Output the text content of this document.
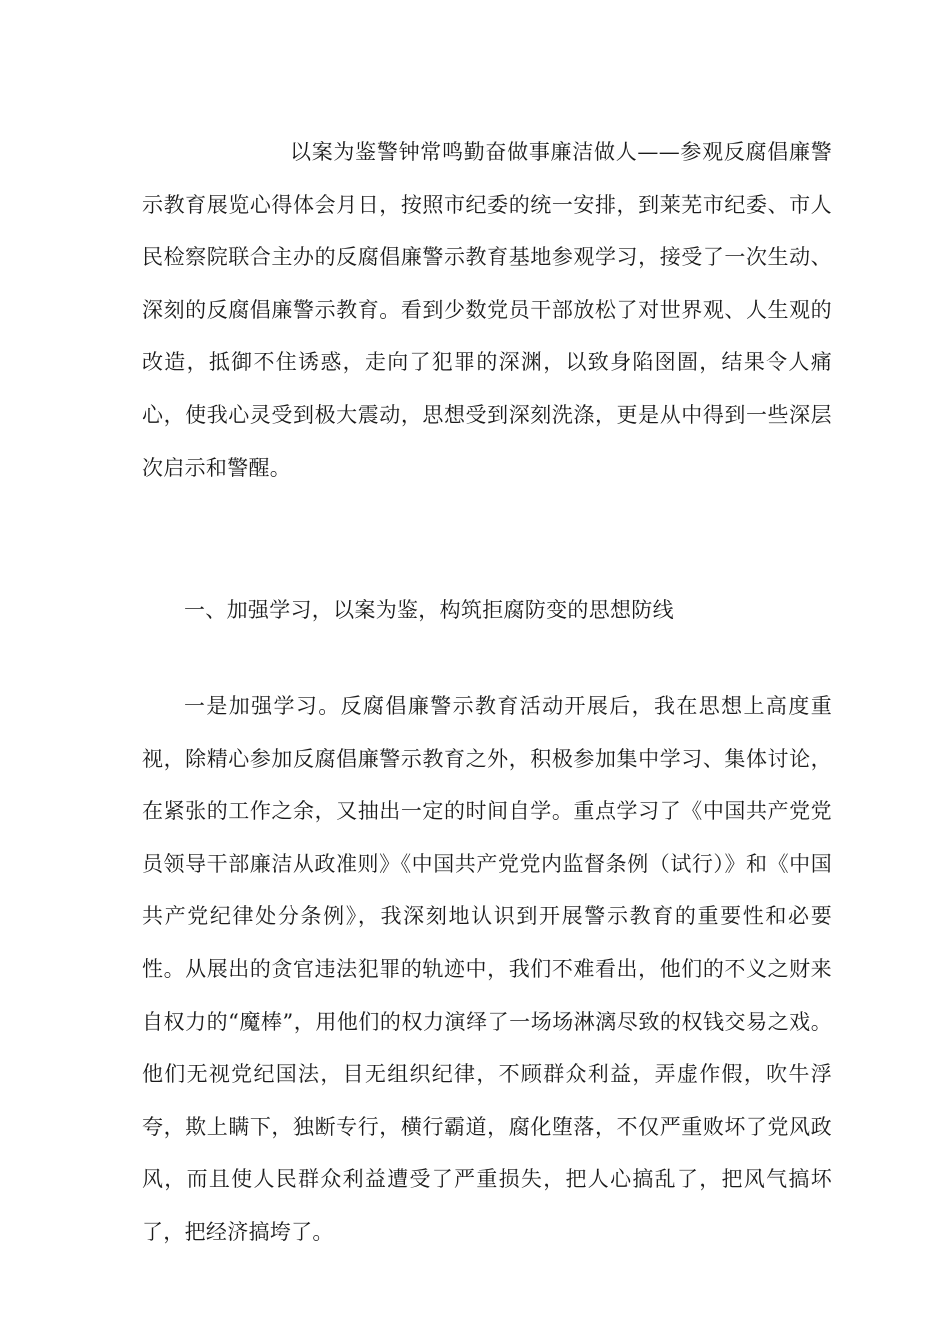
以案为鉴警钟常鸣勤奋做事廉洁做人——参观反腐倡廉警示教育展览心得体会月日，按照市纪委的统一安排，到莱芜市纪委、市人民检察院联合主办的反腐倡廉警示教育基地参观学习，接受了一次生动、深刻的反腐倡廉警示教育。看到少数党员干部放松了对世界观、人生观的改造，抵御不住诱惑，走向了犯罪的深渊，以致身陷囹圄，结果令人痛心，使我心灵受到极大震动，思想受到深刻洗涤，更是从中得到一些深层次启示和警醒。

一、加强学习，以案为鉴，构筑拒腐防变的思想防线

一是加强学习。反腐倡廉警示教育活动开展后，我在思想上高度重视，除精心参加反腐倡廉警示教育之外，积极参加集中学习、集体讨论，在紧张的工作之余，又抽出一定的时间自学。重点学习了《中国共产党党员领导干部廉洁从政准则》《中国共产党党内监督条例（试行）》和《中国共产党纪律处分条例》，我深刻地认识到开展警示教育的重要性和必要性。从展出的贪官违法犯罪的轨迹中，我们不难看出，他们的不义之财来自权力的“魔棒”，用他们的权力演绎了一场场淋漓尽致的权钱交易之戏。他们无视党纪国法，目无组织纪律，不顾群众利益，弄虚作假，吹牛浮夸，欺上瞒下，独断专行，横行霸道，腐化堕落，不仅严重败坏了党风政风，而且使人民群众利益遭受了严重损失，把人心搞乱了，把风气搞坏了，把经济搞垮了。
